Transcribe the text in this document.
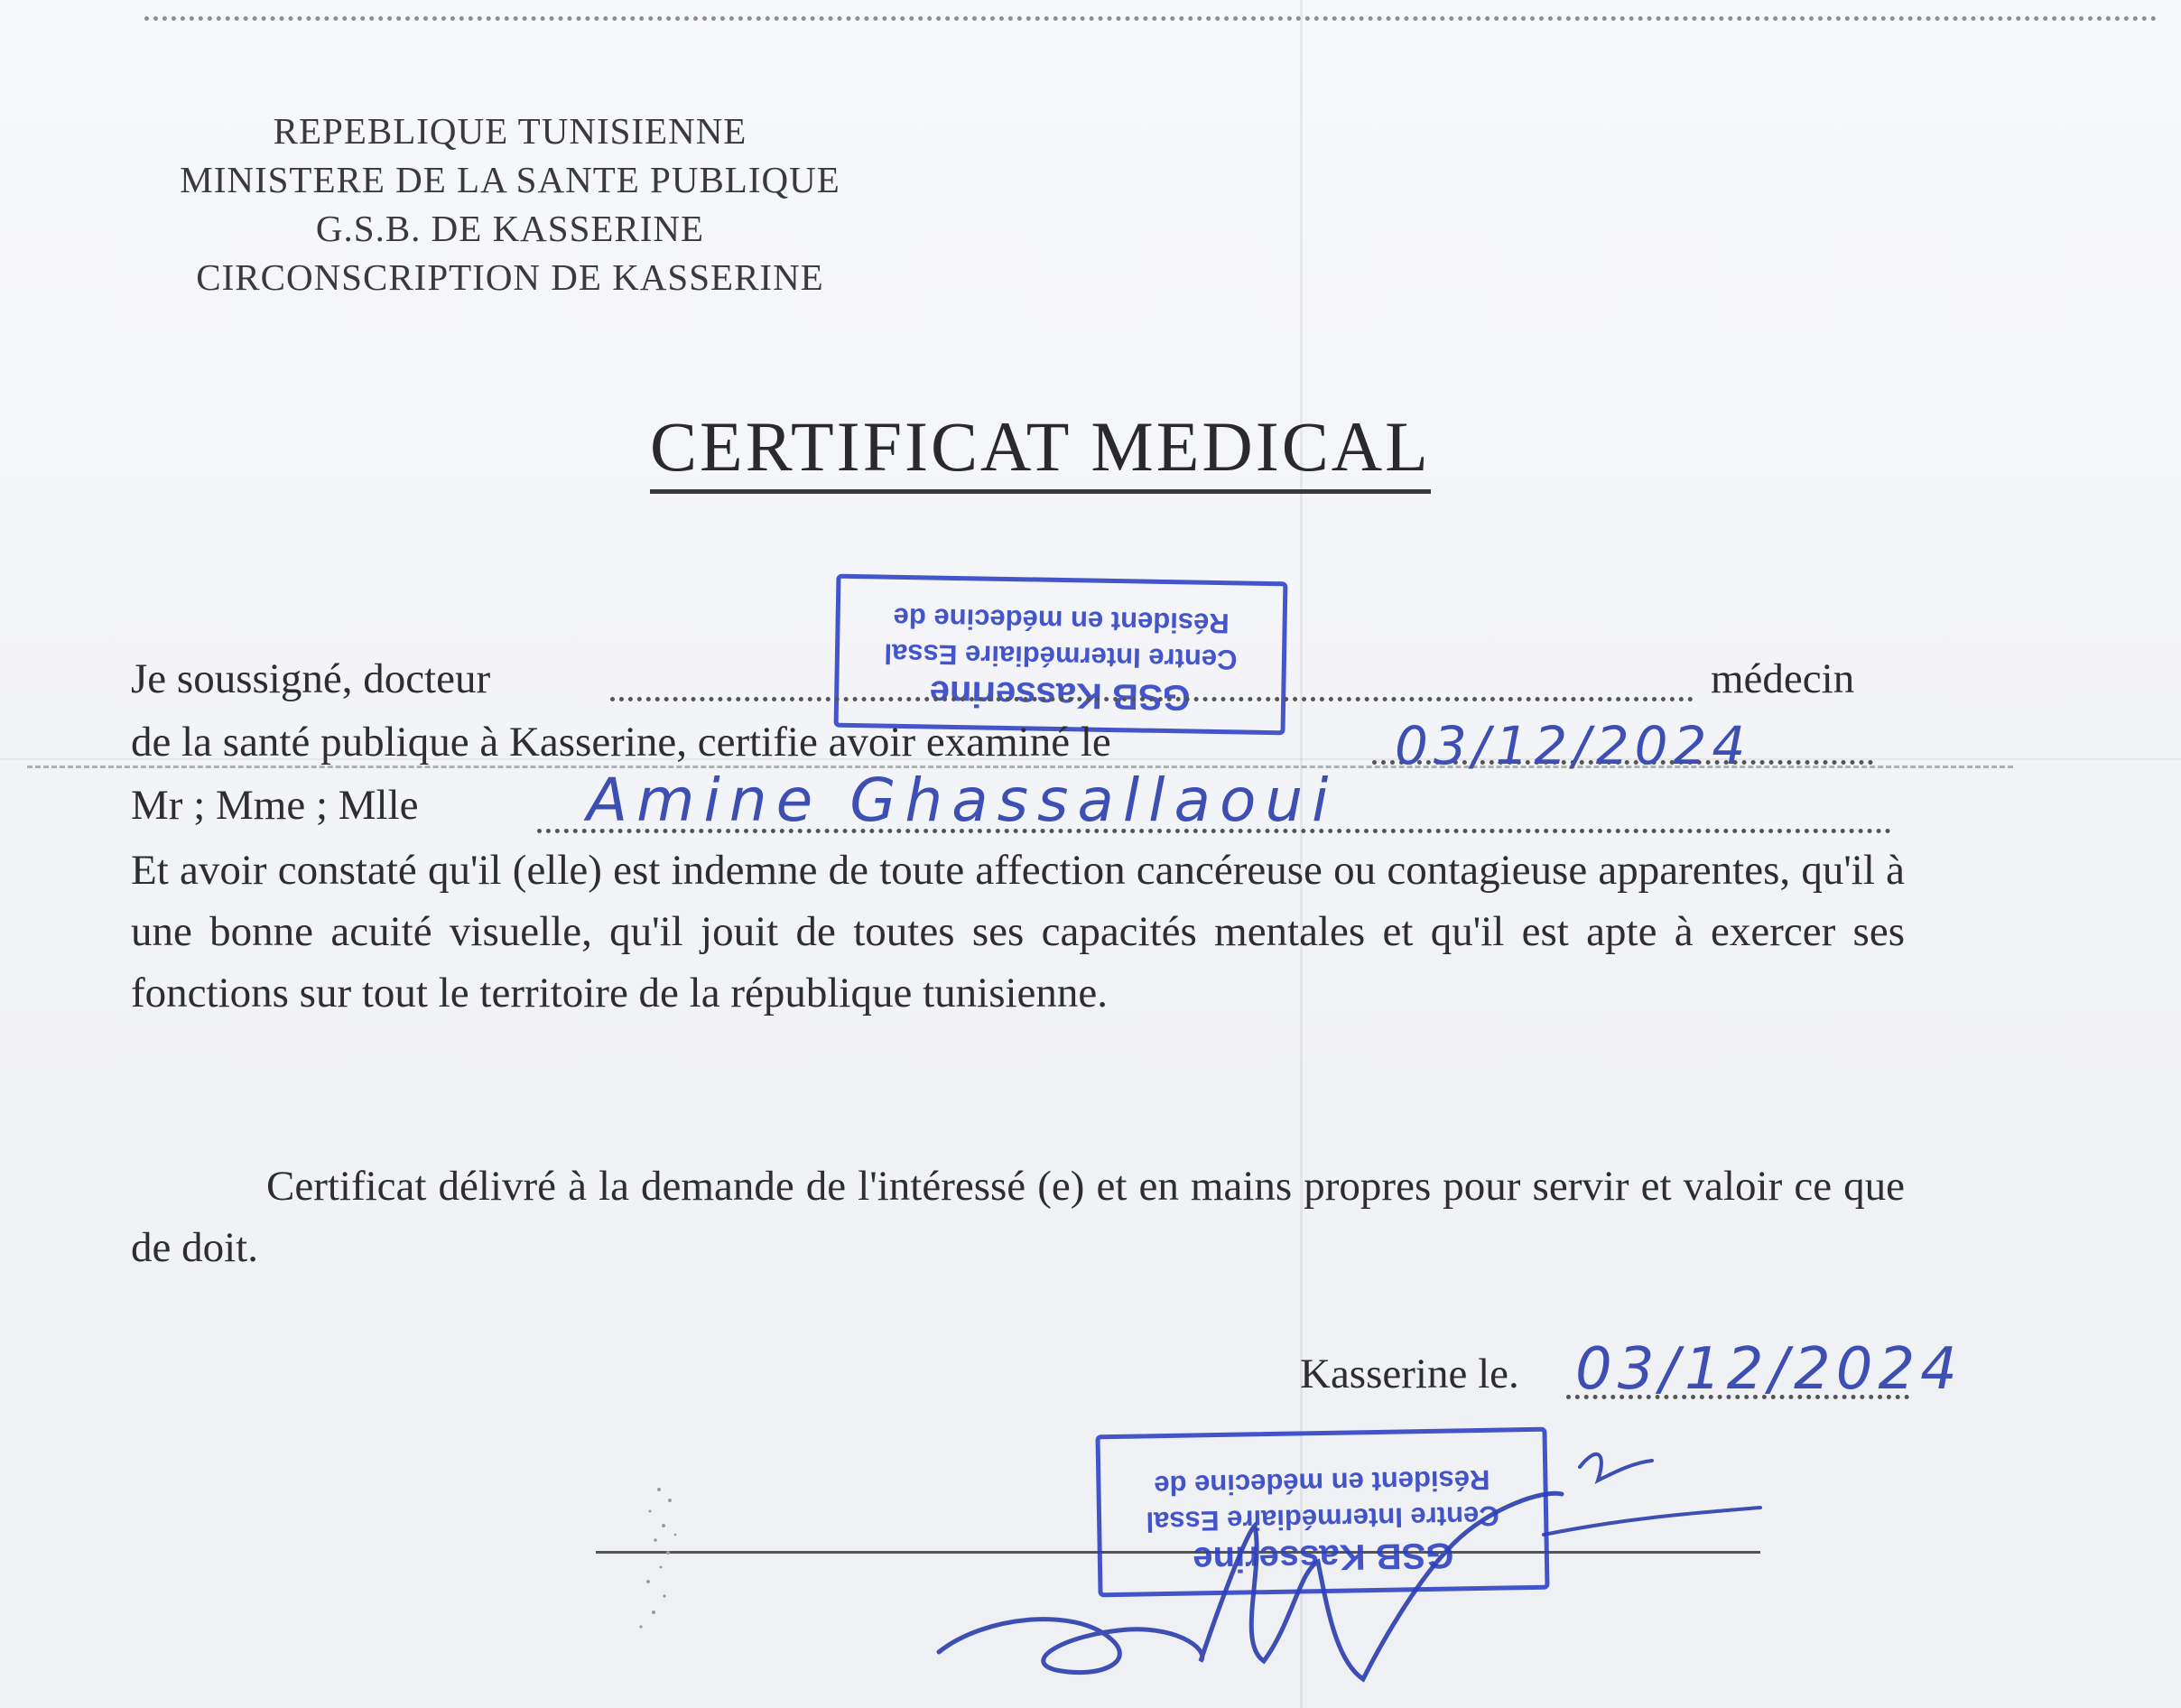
REPEBLIQUE TUNISIENNE
MINISTERE DE LA SANTE PUBLIQUE
G.S.B. DE KASSERINE
CIRCONSCRIPTION DE KASSERINE
CERTIFICAT MEDICAL
GSB Kasserine
Centre Intermédiaire Essal
Résident en médecine de
Je soussigné, docteur	médecin
de la santé publique à Kasserine, certifie avoir examiné le	03/12/2024
Mr ; Mme ; Mlle	Amine Ghassallaoui
Et avoir constaté qu'il (elle) est indemne de toute affection cancéreuse ou contagieuse apparentes, qu'il à une bonne acuité visuelle, qu'il jouit de toutes ses capacités mentales et qu'il est apte à exercer ses fonctions sur tout le territoire de la république tunisienne.
Certificat délivré à la demande de l'intéressé (e) et en mains propres pour servir et valoir ce que de doit.
Kasserine le. 03/12/2024
GSB Kasserine
Centre Intermédiaire Essal
Résident en médecine de
